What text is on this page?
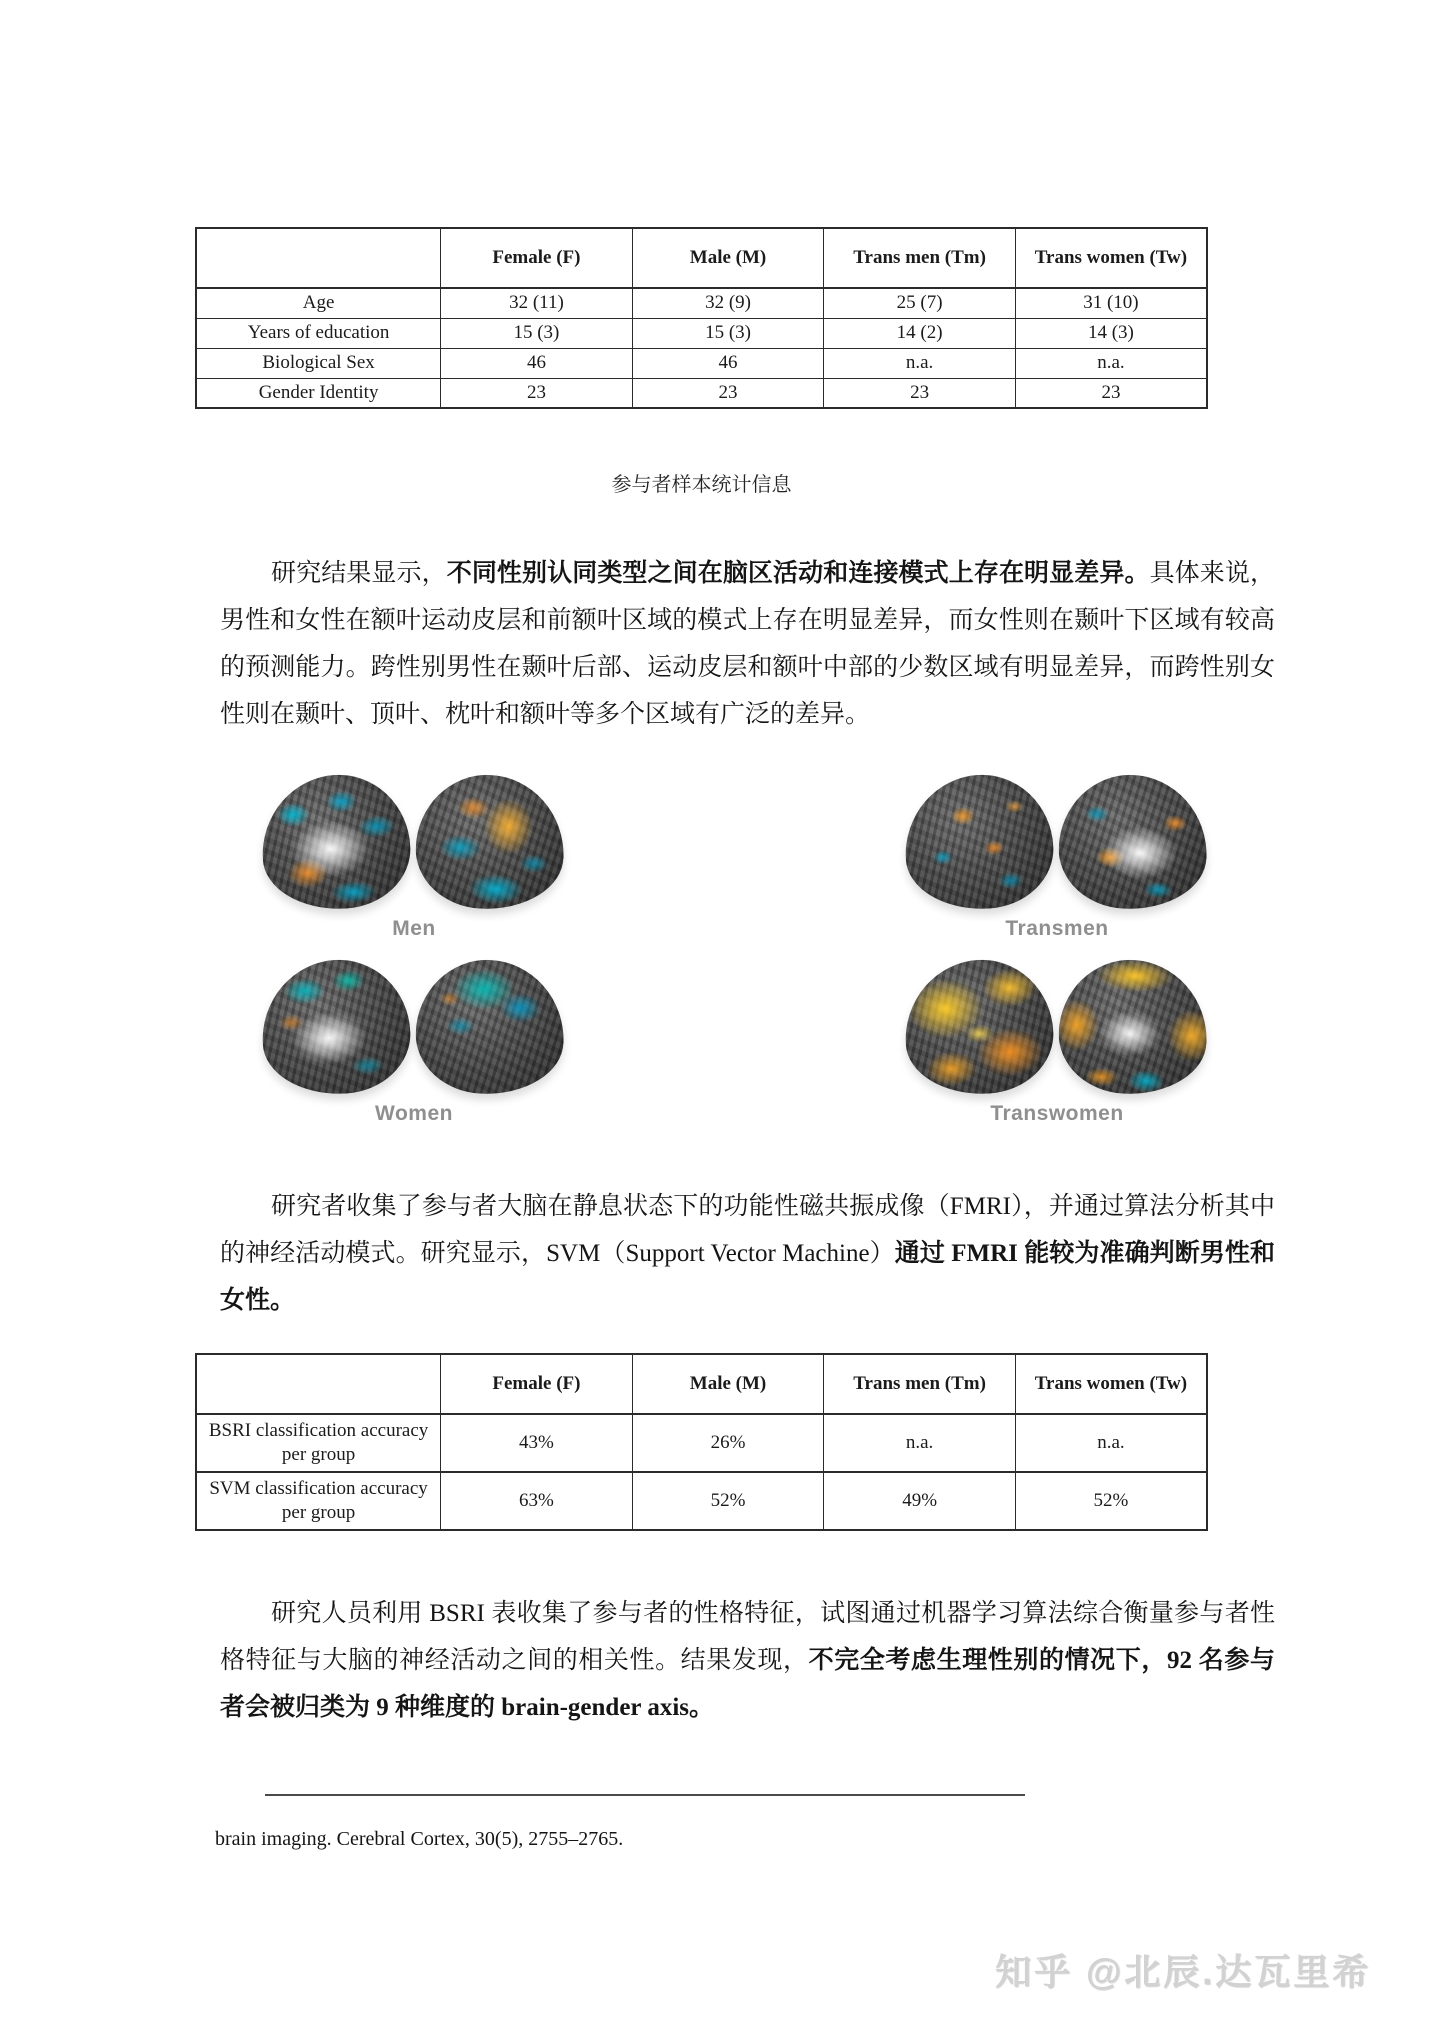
	Female (F)	Male (M)	Trans men (Tm)	Trans women (Tw)
Age	32 (11)	32 (9)	25 (7)	31 (10)
Years of education	15 (3)	15 (3)	14 (2)	14 (3)
Biological Sex	46	46	n.a.	n.a.
Gender Identity	23	23	23	23
参与者样本统计信息

研究结果显示，不同性别认同类型之间在脑区活动和连接模式上存在明显差异。具体来说，男性和女性在额叶运动皮层和前额叶区域的模式上存在明显差异，而女性则在颞叶下区域有较高的预测能力。跨性别男性在颞叶后部、运动皮层和额叶中部的少数区域有明显差异，而跨性别女性则在颞叶、顶叶、枕叶和额叶等多个区域有广泛的差异。

Men	Transmen
Women	Transwomen

研究者收集了参与者大脑在静息状态下的功能性磁共振成像（FMRI），并通过算法分析其中的神经活动模式。研究显示，SVM（Support Vector Machine）通过 FMRI 能较为准确判断男性和女性。

	Female (F)	Male (M)	Trans men (Tm)	Trans women (Tw)
BSRI classification accuracy per group	43%	26%	n.a.	n.a.
SVM classification accuracy per group	63%	52%	49%	52%

研究人员利用 BSRI 表收集了参与者的性格特征，试图通过机器学习算法综合衡量参与者性格特征与大脑的神经活动之间的相关性。结果发现，不完全考虑生理性别的情况下，92 名参与者会被归类为 9 种维度的 brain-gender axis。

brain imaging. Cerebral Cortex, 30(5), 2755–2765.
知乎 @北辰.达瓦里希
